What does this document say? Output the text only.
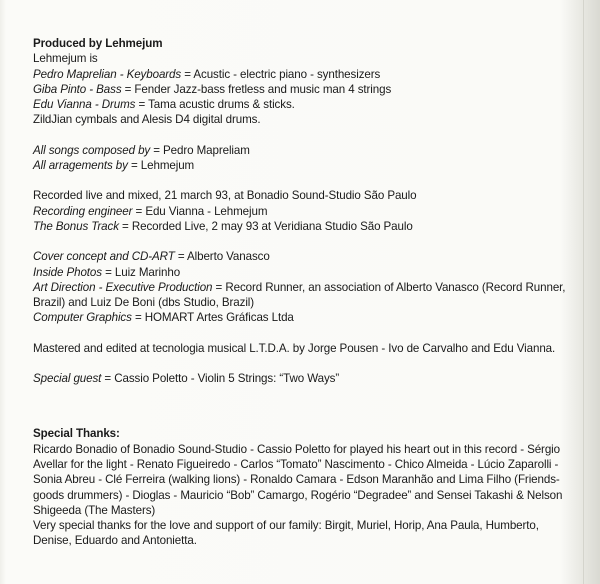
Produced by Lehmejum
Lehmejum is
Pedro Maprelian - Keyboards = Acustic - electric piano - synthesizers
Giba Pinto - Bass = Fender Jazz-bass fretless and music man 4 strings
Edu Vianna - Drums = Tama acustic drums & sticks.
ZildJian cymbals and Alesis D4 digital drums.
All songs composed by = Pedro Mapreliam
All arragements by = Lehmejum
Recorded live and mixed, 21 march 93, at Bonadio Sound-Studio São Paulo
Recording engineer = Edu Vianna - Lehmejum
The Bonus Track = Recorded Live, 2 may 93 at Veridiana Studio São Paulo
Cover concept and CD-ART = Alberto Vanasco
Inside Photos = Luiz Marinho
Art Direction - Executive Production = Record Runner, an association of Alberto Vanasco (Record Runner, Brazil) and Luiz De Boni (dbs Studio, Brazil)
Computer Graphics = HOMART Artes Gráficas Ltda
Mastered and edited at tecnologia musical L.T.D.A. by Jorge Pousen - Ivo de Carvalho and Edu Vianna.
Special guest = Cassio Poletto - Violin 5 Strings: “Two Ways”
Special Thanks:
Ricardo Bonadio of Bonadio Sound-Studio - Cassio Poletto for played his heart out in this record - Sérgio Avellar for the light - Renato Figueiredo - Carlos “Tomato” Nascimento - Chico Almeida - Lúcio Zaparolli - Sonia Abreu - Clé Ferreira (walking lions) - Ronaldo Camara - Edson Maranhão and Lima Filho (Friends-goods drummers) - Dioglas - Mauricio “Bob” Camargo, Rogério “Degradee” and Sensei Takashi & Nelson Shigeeda (The Masters)
Very special thanks for the love and support of our family: Birgit, Muriel, Horip, Ana Paula, Humberto, Denise, Eduardo and Antonietta.
